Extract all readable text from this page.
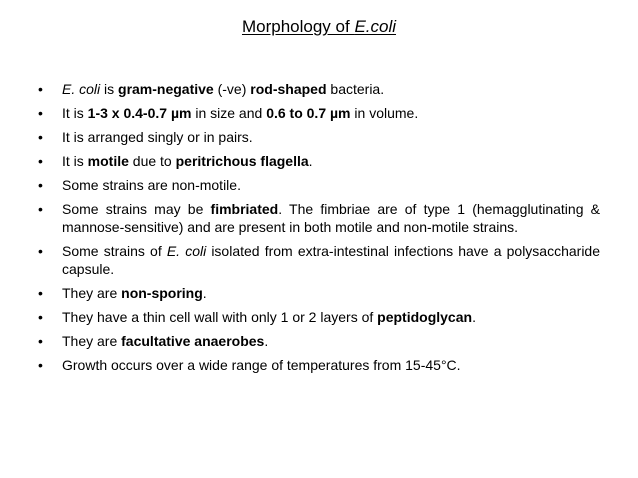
Morphology of E.coli
•	E. coli is gram-negative (-ve) rod-shaped bacteria.
•	It is 1-3 x 0.4-0.7 µm in size and 0.6 to 0.7 µm in volume.
•	It is arranged singly or in pairs.
•	It is motile due to peritrichous flagella.
•	Some strains are non-motile.
•	Some strains may be fimbriated. The fimbriae are of type 1 (hemagglutinating & mannose-sensitive) and are present in both motile and non-motile strains.
•	Some strains of E. coli isolated from extra-intestinal infections have a polysaccharide capsule.
•	They are non-sporing.
•	They have a thin cell wall with only 1 or 2 layers of peptidoglycan.
•	They are facultative anaerobes.
•	Growth occurs over a wide range of temperatures from 15-45°C.
